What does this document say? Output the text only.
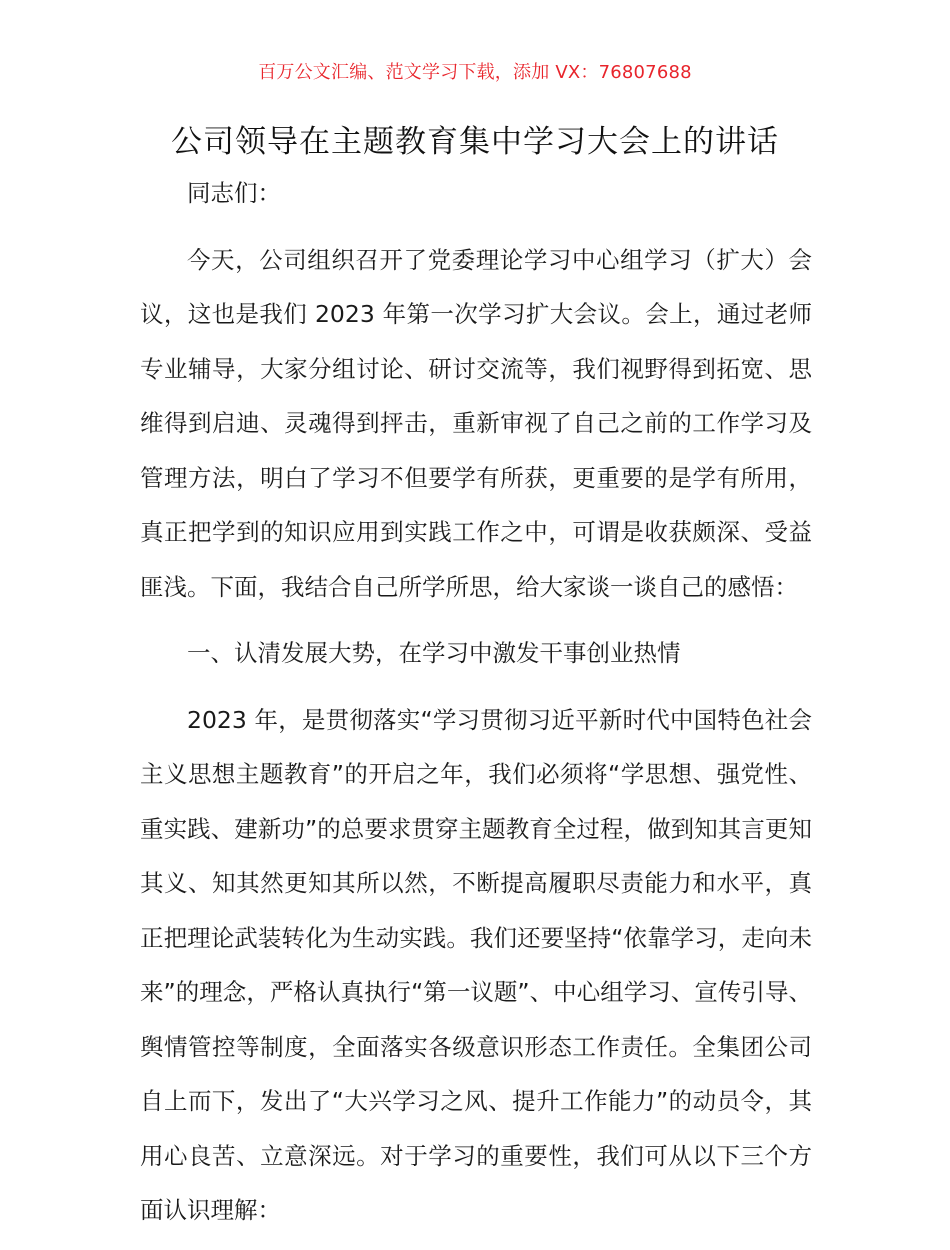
百万公文汇编、范文学习下载，添加 VX：76807688
公司领导在主题教育集中学习大会上的讲话

同志们：

今天，公司组织召开了党委理论学习中心组学习（扩大）会议，这也是我们 2023 年第一次学习扩大会议。会上，通过老师专业辅导，大家分组讨论、研讨交流等，我们视野得到拓宽、思维得到启迪、灵魂得到抨击，重新审视了自己之前的工作学习及管理方法，明白了学习不但要学有所获，更重要的是学有所用，真正把学到的知识应用到实践工作之中，可谓是收获颇深、受益匪浅。下面，我结合自己所学所思，给大家谈一谈自己的感悟：

一、认清发展大势，在学习中激发干事创业热情

2023 年，是贯彻落实“学习贯彻习近平新时代中国特色社会主义思想主题教育”的开启之年，我们必须将“学思想、强党性、重实践、建新功”的总要求贯穿主题教育全过程，做到知其言更知其义、知其然更知其所以然，不断提高履职尽责能力和水平，真正把理论武装转化为生动实践。我们还要坚持“依靠学习，走向未来”的理念，严格认真执行“第一议题”、中心组学习、宣传引导、舆情管控等制度，全面落实各级意识形态工作责任。全集团公司自上而下，发出了“大兴学习之风、提升工作能力”的动员令，其用心良苦、立意深远。对于学习的重要性，我们可从以下三个方面认识理解：
